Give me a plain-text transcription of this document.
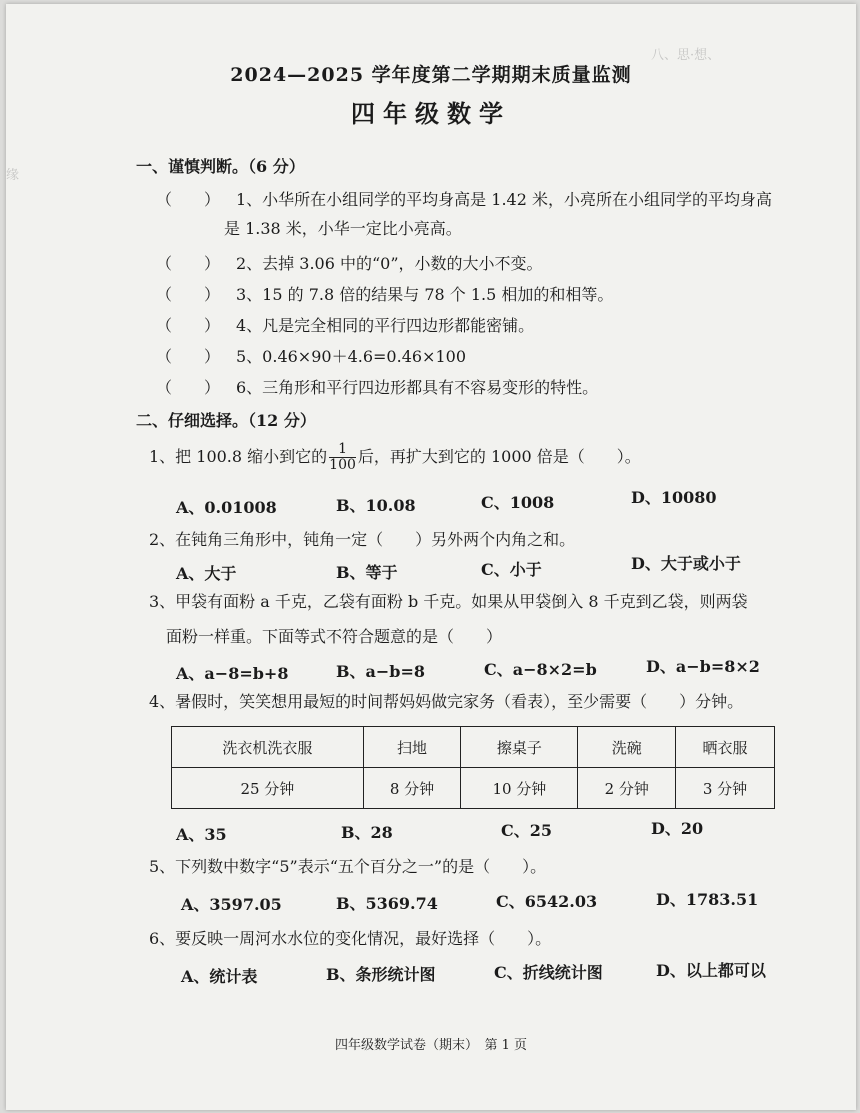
八、思·想、
缘
2024—2025 学年度第二学期期末质量监测
四年级数学
一、谨慎判断。（6 分）
（　　） 1、小华所在小组同学的平均身高是 1.42 米，小亮所在小组同学的平均身高
是 1.38 米，小华一定比小亮高。
（　　） 2、去掉 3.06 中的“0”，小数的大小不变。
（　　） 3、15 的 7.8 倍的结果与 78 个 1.5 相加的和相等。
（　　） 4、凡是完全相同的平行四边形都能密铺。
（　　） 5、0.46×90＋4.6=0.46×100
（　　） 6、三角形和平行四边形都具有不容易变形的特性。
二、仔细选择。（12 分）
1、把 100.8 缩小到它的 $\frac{1}{100}$ 后，再扩大到它的 1000 倍是（　　）。
A、0.01008	B、10.08	C、1008	D、10080
2、在钝角三角形中，钝角一定（　　）另外两个内角之和。
A、大于	B、等于	C、小于	D、大于或小于
3、甲袋有面粉 a 千克，乙袋有面粉 b 千克。如果从甲袋倒入 8 千克到乙袋，则两袋
面粉一样重。下面等式不符合题意的是（　　）
A、a−8=b+8	B、a−b=8	C、a−8×2=b	D、a−b=8×2
4、暑假时，笑笑想用最短的时间帮妈妈做完家务（看表），至少需要（　　）分钟。
洗衣机洗衣服	扫地	擦桌子	洗碗	晒衣服
25 分钟	8 分钟	10 分钟	2 分钟	3 分钟
A、35	B、28	C、25	D、20
5、下列数中数字“5”表示“五个百分之一”的是（　　）。
A、3597.05	B、5369.74	C、6542.03	D、1783.51
6、要反映一周河水水位的变化情况，最好选择（　　）。
A、统计表	B、条形统计图	C、折线统计图	D、以上都可以
四年级数学试卷（期末）　第 1 页
